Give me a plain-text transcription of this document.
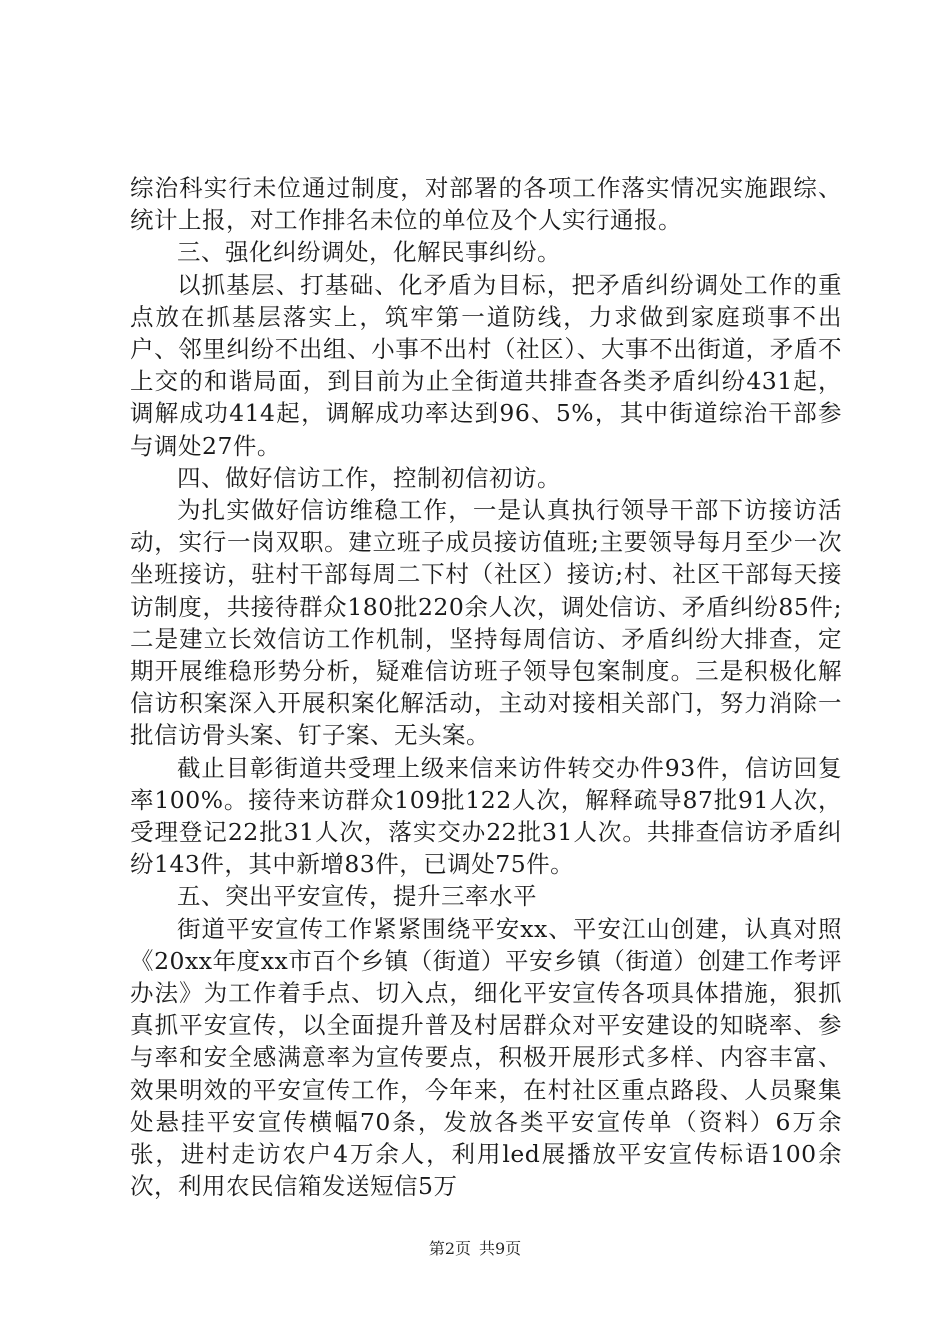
综治科实行未位通过制度，对部署的各项工作落实情况实施跟综、统计上报，对工作排名未位的单位及个人实行通报。

三、强化纠纷调处，化解民事纠纷。

以抓基层、打基础、化矛盾为目标，把矛盾纠纷调处工作的重点放在抓基层落实上，筑牢第一道防线，力求做到家庭琐事不出户、邻里纠纷不出组、小事不出村（社区）、大事不出街道，矛盾不上交的和谐局面，到目前为止全街道共排查各类矛盾纠纷431起，调解成功414起，调解成功率达到96、5%，其中街道综治干部参与调处27件。

四、做好信访工作，控制初信初访。

为扎实做好信访维稳工作，一是认真执行领导干部下访接访活动，实行一岗双职。建立班子成员接访值班;主要领导每月至少一次坐班接访，驻村干部每周二下村（社区）接访;村、社区干部每天接访制度，共接待群众180批220余人次，调处信访、矛盾纠纷85件;二是建立长效信访工作机制，坚持每周信访、矛盾纠纷大排查，定期开展维稳形势分析，疑难信访班子领导包案制度。三是积极化解信访积案深入开展积案化解活动，主动对接相关部门，努力消除一批信访骨头案、钉子案、无头案。

截止目彰街道共受理上级来信来访件转交办件93件，信访回复率100%。接待来访群众109批122人次，解释疏导87批91人次，受理登记22批31人次，落实交办22批31人次。共排查信访矛盾纠纷143件，其中新增83件，已调处75件。

五、突出平安宣传，提升三率水平

街道平安宣传工作紧紧围绕平安xx、平安江山创建，认真对照《20xx年度xx市百个乡镇（街道）平安乡镇（街道）创建工作考评办法》为工作着手点、切入点，细化平安宣传各项具体措施，狠抓真抓平安宣传，以全面提升普及村居群众对平安建设的知晓率、参与率和安全感满意率为宣传要点，积极开展形式多样、内容丰富、效果明效的平安宣传工作，今年来，在村社区重点路段、人员聚集处悬挂平安宣传横幅70条，发放各类平安宣传单（资料）6万余张，进村走访农户4万余人，利用led展播放平安宣传标语100余次，利用农民信箱发送短信5万

第2页 共9页
